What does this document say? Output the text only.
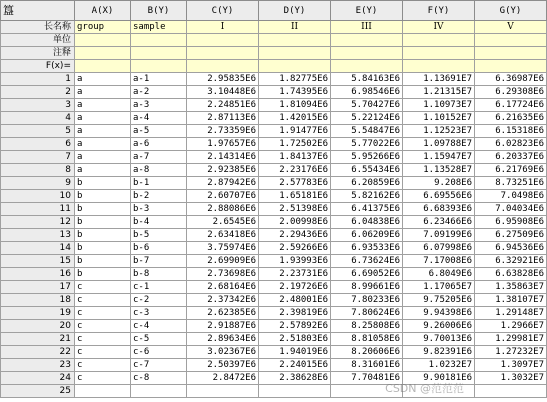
簋	A(X)	B(Y)	C(Y)	D(Y)	E(Y)	F(Y)	G(Y)
长名称	group	sample	I	II	III	IV	V
单位							
注释							
F(x)=							
1	a	a-1	2.95835E6	1.82775E6	5.84163E6	1.13691E7	6.36987E6
2	a	a-2	3.10448E6	1.74395E6	6.98546E6	1.21315E7	6.29308E6
3	a	a-3	2.24851E6	1.81094E6	5.70427E6	1.10973E7	6.17724E6
4	a	a-4	2.87113E6	1.42015E6	5.22124E6	1.10152E7	6.21635E6
5	a	a-5	2.73359E6	1.91477E6	5.54847E6	1.12523E7	6.15318E6
6	a	a-6	1.97657E6	1.72502E6	5.77022E6	1.09788E7	6.02823E6
7	a	a-7	2.14314E6	1.84137E6	5.95266E6	1.15947E7	6.20337E6
8	a	a-8	2.92385E6	2.23176E6	6.55434E6	1.13528E7	6.21769E6
9	b	b-1	2.87942E6	2.57783E6	6.20859E6	9.208E6	8.73251E6
10	b	b-2	2.60707E6	1.65181E6	5.82162E6	6.69556E6	7.0498E6
11	b	b-3	2.88086E6	2.51398E6	6.41375E6	6.68393E6	7.04034E6
12	b	b-4	2.6545E6	2.00998E6	6.04838E6	6.23466E6	6.95908E6
13	b	b-5	2.63418E6	2.29436E6	6.06209E6	7.09199E6	6.27509E6
14	b	b-6	3.75974E6	2.59266E6	6.93533E6	6.07998E6	6.94536E6
15	b	b-7	2.69909E6	1.93993E6	6.73624E6	7.17008E6	6.32921E6
16	b	b-8	2.73698E6	2.23731E6	6.69052E6	6.8049E6	6.63828E6
17	c	c-1	2.68164E6	2.19726E6	8.99661E6	1.17065E7	1.35863E7
18	c	c-2	2.37342E6	2.48001E6	7.80233E6	9.75205E6	1.38107E7
19	c	c-3	2.62385E6	2.39819E6	7.80624E6	9.94398E6	1.29148E7
20	c	c-4	2.91887E6	2.57892E6	8.25808E6	9.26006E6	1.2966E7
21	c	c-5	2.89634E6	2.51803E6	8.81058E6	9.70013E6	1.29981E7
22	c	c-6	3.02367E6	1.94019E6	8.20606E6	9.82391E6	1.27232E7
23	c	c-7	2.50397E6	2.24015E6	8.31601E6	1.0232E7	1.3097E7
24	c	c-8	2.8472E6	2.38628E6	7.70481E6	9.90181E6	1.3032E7
25								CSDN @范范范
